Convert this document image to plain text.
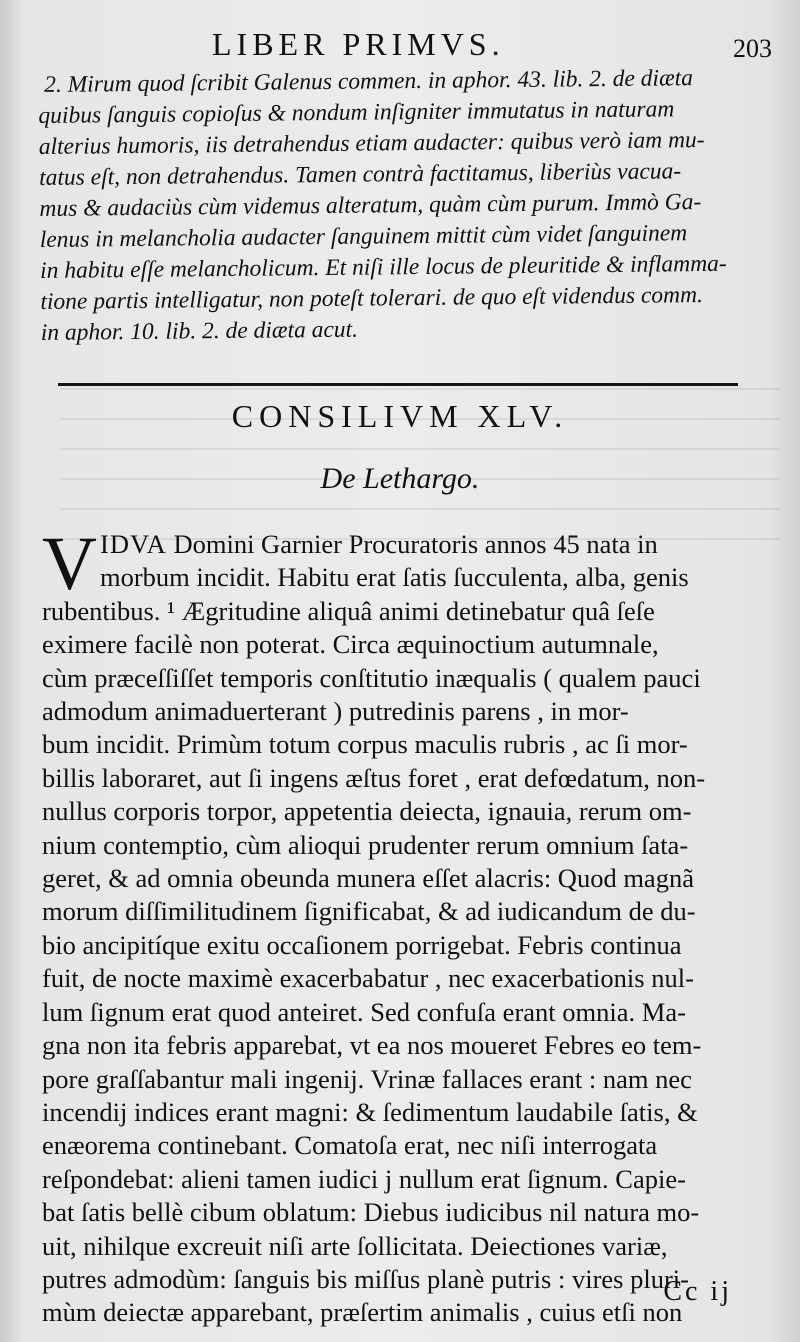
LIBER PRIMVS.	203
2. Mirum quod ſcribit Galenus commen. in aphor. 43. lib. 2. de diæta
quibus ſanguis copioſus & nondum inſigniter immutatus in naturam
alterius humoris, iis detrahendus etiam audacter: quibus verò iam mu-
tatus eſt, non detrahendus. Tamen contrà factitamus, liberiùs vacua-
mus & audaciùs cùm videmus alteratum, quàm cùm purum. Immò Ga-
lenus in melancholia audacter ſanguinem mittit cùm videt ſanguinem
in habitu eſſe melancholicum. Et niſi ille locus de pleuritide & inflamma-
tione partis intelligatur, non poteſt tolerari. de quo eſt videndus comm.
in aphor. 10. lib. 2. de diæta acut.
CONSILIVM XLV.
De Lethargo.
V IDVA Domini Garnier Procuratoris annos 45 nata in
morbum incidit. Habitu erat ſatis ſucculenta, alba, genis
rubentibus. ¹ Ægritudine aliquâ animi detinebatur quâ ſeſe
eximere facilè non poterat. Circa æquinoctium autumnale,
cùm præceſſiſſet temporis conſtitutio inæqualis ( qualem pauci
admodum animaduerterant ) putredinis parens , in mor-
bum incidit. Primùm totum corpus maculis rubris , ac ſi mor-
billis laboraret, aut ſi ingens æſtus foret , erat defœdatum, non-
nullus corporis torpor, appetentia deiecta, ignauia, rerum om-
nium contemptio, cùm alioqui prudenter rerum omnium ſata-
geret, & ad omnia obeunda munera eſſet alacris: Quod magnã
morum diſſimilitudinem ſignificabat, & ad iudicandum de du-
bio ancipitíque exitu occaſionem porrigebat. Febris continua
fuit, de nocte maximè exacerbabatur , nec exacerbationis nul-
lum ſignum erat quod anteiret. Sed confuſa erant omnia. Ma-
gna non ita febris apparebat, vt ea nos moueret Febres eo tem-
pore graſſabantur mali ingenij. Vrinæ fallaces erant : nam nec
incendij indices erant magni: & ſedimentum laudabile ſatis, &
enæorema continebant. Comatoſa erat, nec niſi interrogata
reſpondebat: alieni tamen iudici j nullum erat ſignum. Capie-
bat ſatis bellè cibum oblatum: Diebus iudicibus nil natura mo-
uit, nihilque excreuit niſi arte ſollicitata. Deiectiones variæ,
putres admodùm: ſanguis bis miſſus planè putris : vires pluri-
mùm deiectæ apparebant, præſertim animalis , cuius etſi non
Cc ij
